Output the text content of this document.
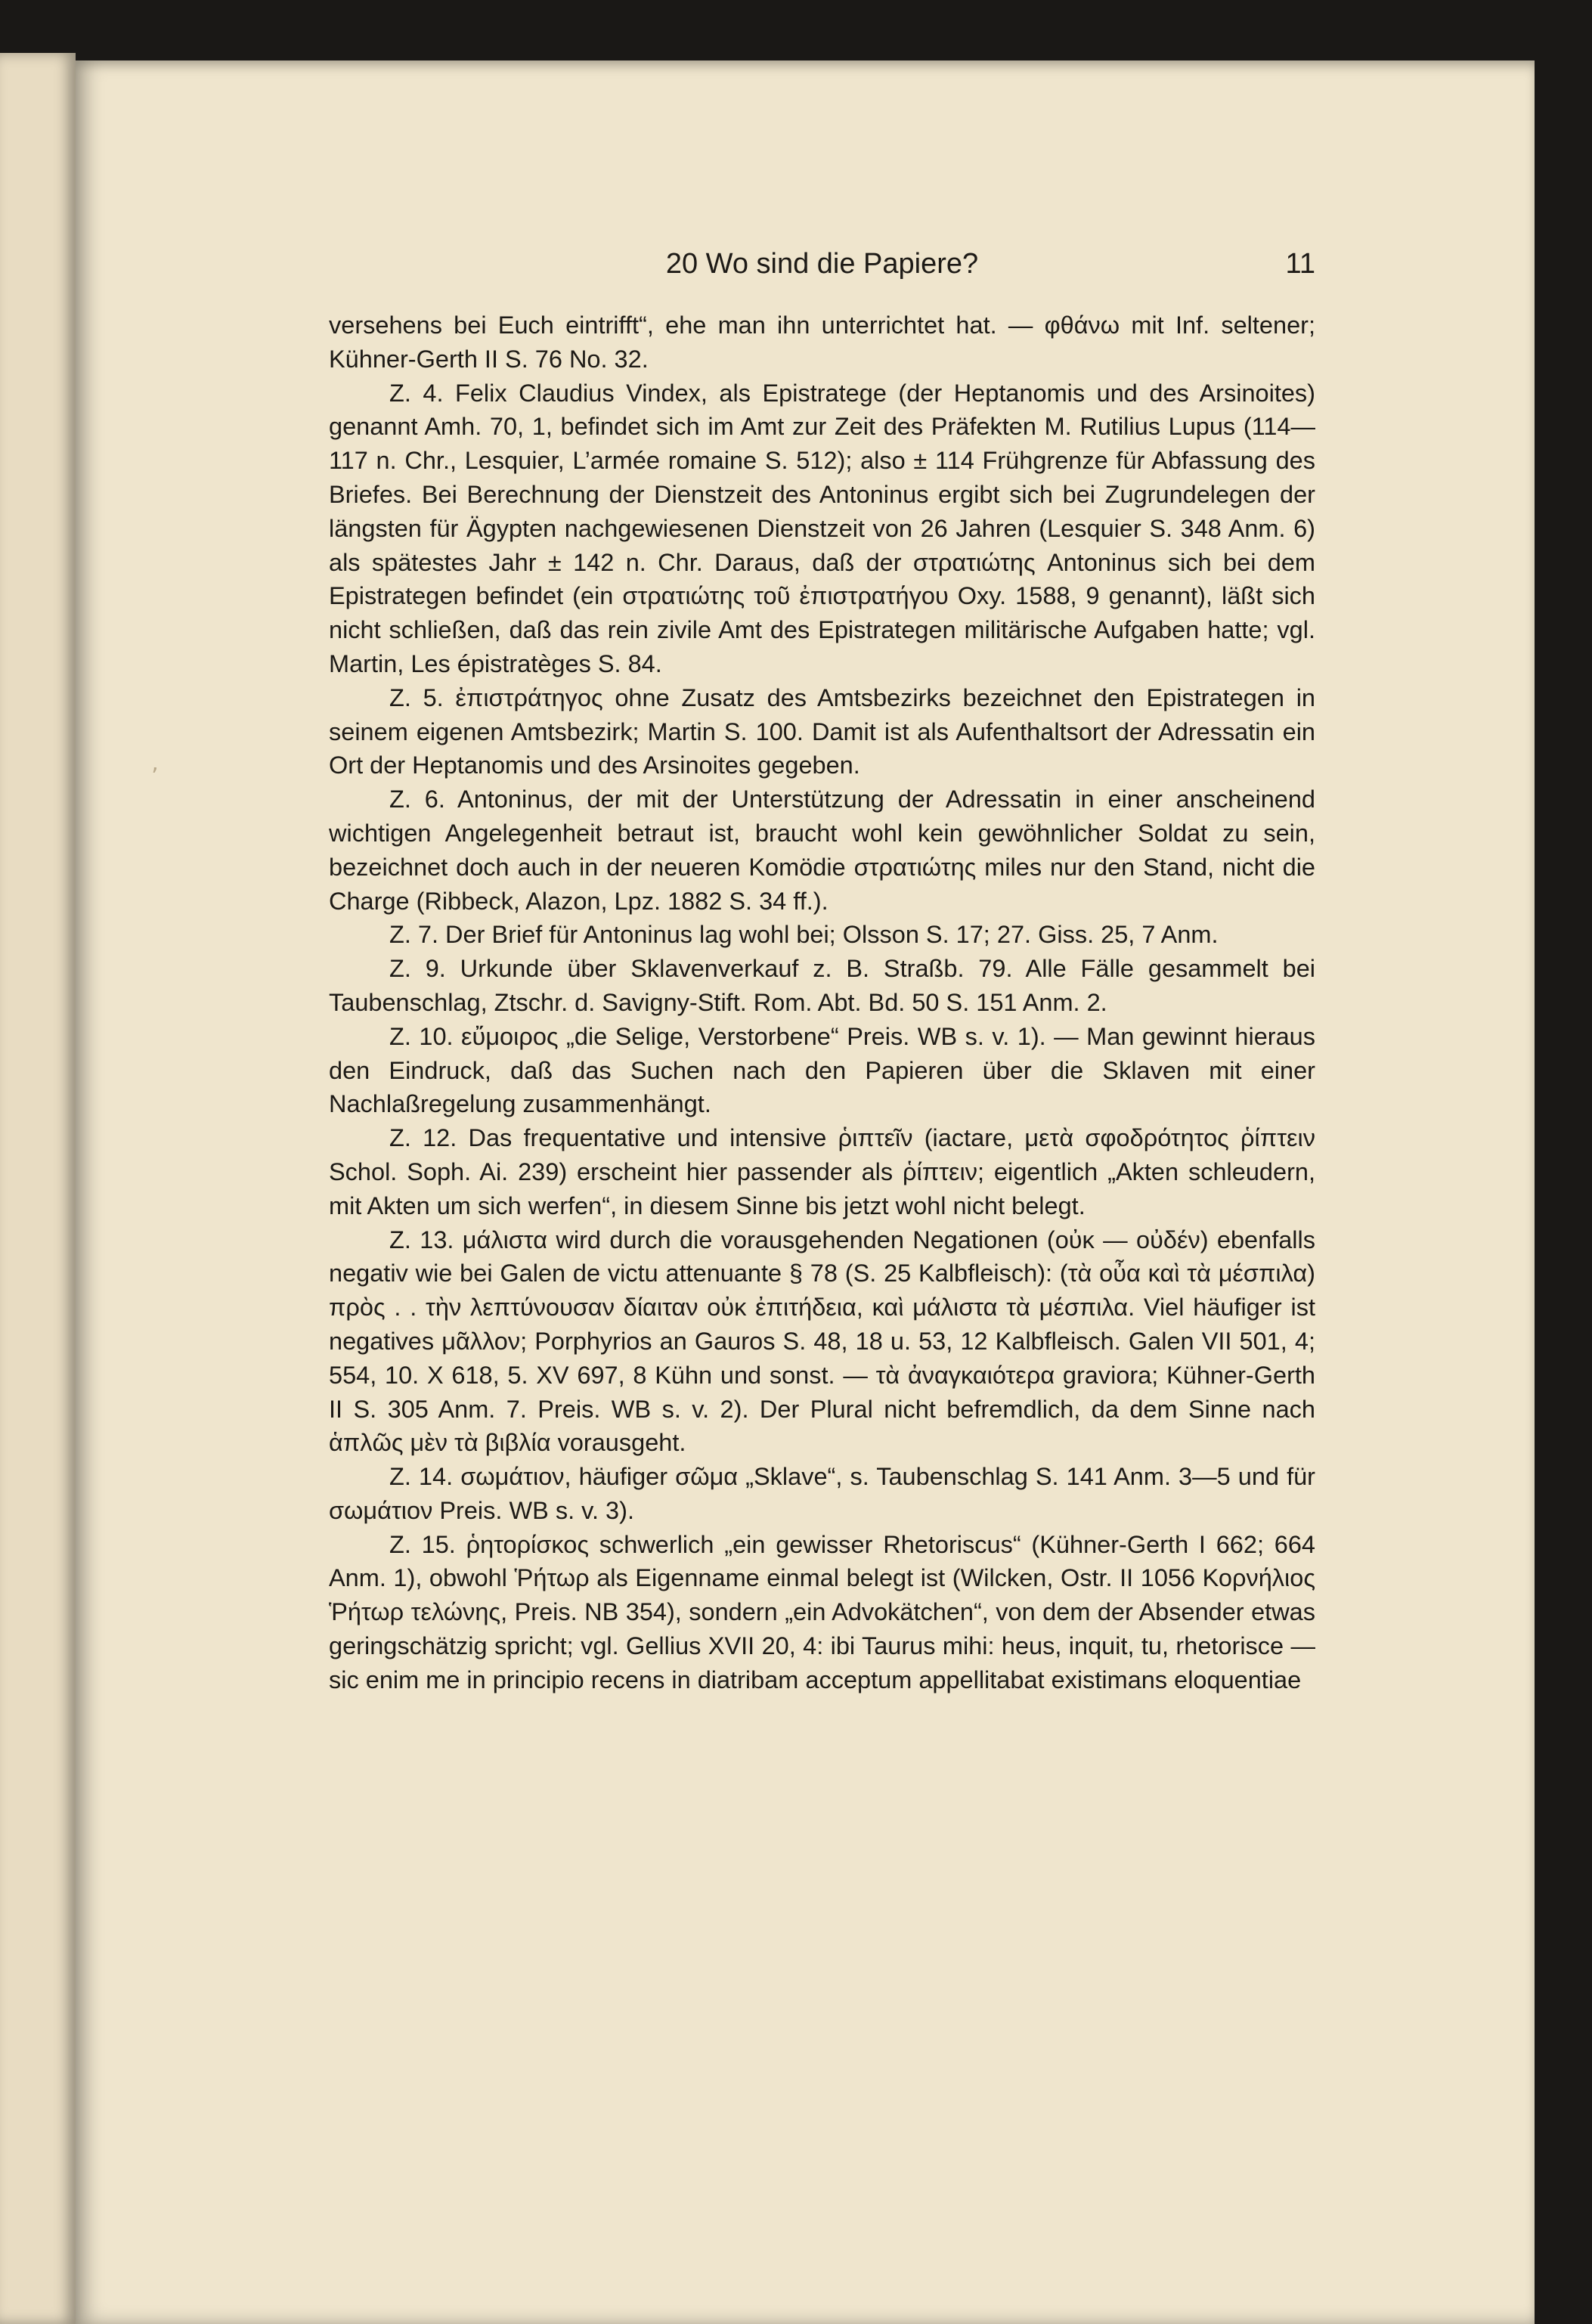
ʼ
20 Wo sind die Papiere?	11

versehens bei Euch eintrifft“, ehe man ihn unterrichtet hat. — φθάνω mit Inf. seltener; Kühner-Gerth II S. 76 No. 32.

Z. 4. Felix Claudius Vindex, als Epistratege (der Heptanomis und des Arsinoites) genannt Amh. 70, 1, befindet sich im Amt zur Zeit des Präfekten M. Rutilius Lupus (114—117 n. Chr., Lesquier, L’armée romaine S. 512); also ± 114 Frühgrenze für Abfassung des Briefes. Bei Berechnung der Dienstzeit des Antoninus ergibt sich bei Zugrundelegen der längsten für Ägypten nachgewiesenen Dienstzeit von 26 Jahren (Lesquier S. 348 Anm. 6) als spätestes Jahr ± 142 n. Chr. Daraus, daß der στρατιώτης Antoninus sich bei dem Epistrategen befindet (ein στρατιώτης τοῦ ἐπιστρατήγου Oxy. 1588, 9 genannt), läßt sich nicht schließen, daß das rein zivile Amt des Epistrategen militärische Aufgaben hatte; vgl. Martin, Les épistratèges S. 84.

Z. 5. ἐπιστράτηγος ohne Zusatz des Amtsbezirks bezeichnet den Epistrategen in seinem eigenen Amtsbezirk; Martin S. 100. Damit ist als Aufenthaltsort der Adressatin ein Ort der Heptanomis und des Arsinoites gegeben.

Z. 6. Antoninus, der mit der Unterstützung der Adressatin in einer anscheinend wichtigen Angelegenheit betraut ist, braucht wohl kein gewöhnlicher Soldat zu sein, bezeichnet doch auch in der neueren Komödie στρατιώτης miles nur den Stand, nicht die Charge (Ribbeck, Alazon, Lpz. 1882 S. 34 ff.).

Z. 7. Der Brief für Antoninus lag wohl bei; Olsson S. 17; 27. Giss. 25, 7 Anm.

Z. 9. Urkunde über Sklavenverkauf z. B. Straßb. 79. Alle Fälle gesammelt bei Taubenschlag, Ztschr. d. Savigny-Stift. Rom. Abt. Bd. 50 S. 151 Anm. 2.

Z. 10. εὔμοιρος „die Selige, Verstorbene“ Preis. WB s. v. 1). — Man gewinnt hieraus den Eindruck, daß das Suchen nach den Papieren über die Sklaven mit einer Nachlaßregelung zusammenhängt.

Z. 12. Das frequentative und intensive ῥιπτεῖν (iactare, μετὰ σφοδρότητος ῥίπτειν Schol. Soph. Ai. 239) erscheint hier passender als ῥίπτειν; eigentlich „Akten schleudern, mit Akten um sich werfen“, in diesem Sinne bis jetzt wohl nicht belegt.

Z. 13. μάλιστα wird durch die vorausgehenden Negationen (οὐκ — οὐδέν) ebenfalls negativ wie bei Galen de victu attenuante § 78 (S. 25 Kalbfleisch): (τὰ οὖα καὶ τὰ μέσπιλα) πρὸς . . τὴν λεπτύνουσαν δίαιταν οὐκ ἐπιτήδεια, καὶ μάλιστα τὰ μέσπιλα. Viel häufiger ist negatives μᾶλλον; Porphyrios an Gauros S. 48, 18 u. 53, 12 Kalbfleisch. Galen VII 501, 4; 554, 10. X 618, 5. XV 697, 8 Kühn und sonst. — τὰ ἀναγκαιότερα graviora; Kühner-Gerth II S. 305 Anm. 7. Preis. WB s. v. 2). Der Plural nicht befremdlich, da dem Sinne nach ἁπλῶς μὲν τὰ βιβλία vorausgeht.

Z. 14. σωμάτιον, häufiger σῶμα „Sklave“, s. Taubenschlag S. 141 Anm. 3—5 und für σωμάτιον Preis. WB s. v. 3).

Z. 15. ῥητορίσκος schwerlich „ein gewisser Rhetoriscus“ (Kühner-Gerth I 662; 664 Anm. 1), obwohl Ῥήτωρ als Eigenname einmal belegt ist (Wilcken, Ostr. II 1056 Κορνήλιος Ῥήτωρ τελώνης, Preis. NB 354), sondern „ein Advokätchen“, von dem der Absender etwas geringschätzig spricht; vgl. Gellius XVII 20, 4: ibi Taurus mihi: heus, inquit, tu, rhetorisce — sic enim me in principio recens in diatribam acceptum appellitabat existimans eloquentiae
